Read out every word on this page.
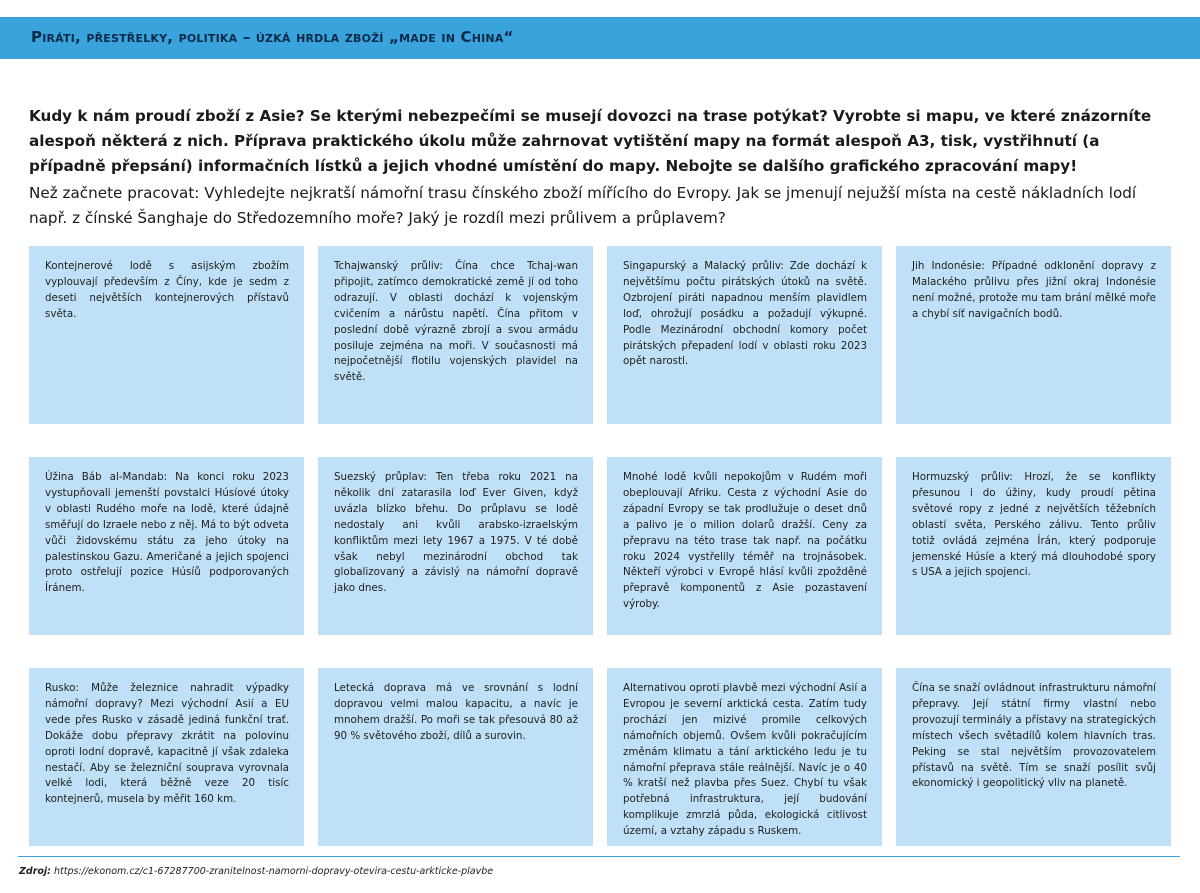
Piráti, přestřelky, politika – úzká hrdla zboží „made in China“

Kudy k nám proudí zboží z Asie? Se kterými nebezpečími se musejí dovozci na trase potýkat? Vyrobte si mapu, ve které znázorníte alespoň některá z nich. Příprava praktického úkolu může zahrnovat vytištění mapy na formát alespoň A3, tisk, vystřihnutí (a případně přepsání) informačních lístků a jejich vhodné umístění do mapy. Nebojte se dalšího grafického zpracování mapy!

Než začnete pracovat: Vyhledejte nejkratší námořní trasu čínského zboží mířícího do Evropy. Jak se jmenují nejužší místa na cestě nákladních lodí např. z čínské Šanghaje do Středozemního moře? Jaký je rozdíl mezi průlivem a průplavem?

Kontejnerové lodě s asijským zbožím vyplouvají především z Číny, kde je sedm z deseti největších kontejnerových přístavů světa.
Tchajwanský průliv: Čína chce Tchaj-wan připojit, zatímco demokratické země jí od toho odrazují. V oblasti dochází k vojenským cvičením a nárůstu napětí. Čína přitom v poslední době výrazně zbrojí a svou armádu posiluje zejména na moři. V současnosti má nejpočetnější flotilu vojenských plavidel na světě.
Singapurský a Malacký průliv: Zde dochází k největšímu počtu pirátských útoků na světě. Ozbrojení piráti napadnou menším plavidlem loď, ohrožují posádku a požadují výkupné. Podle Mezinárodní obchodní komory počet pirátských přepadení lodí v oblasti roku 2023 opět narostl.
Jih Indonésie: Případné odklonění dopravy z Malackého průlivu přes jižní okraj Indonésie není možné, protože mu tam brání mělké moře a chybí síť navigačních bodů.
Úžina Báb al-Mandab: Na konci roku 2023 vystupňovali jemenští povstalci Húsíové útoky v oblasti Rudého moře na lodě, které údajně směřují do Izraele nebo z něj. Má to být odveta vůči židovskému státu za jeho útoky na palestinskou Gazu. Američané a jejich spojenci proto ostřelují pozice Húsíů podporovaných Íránem.
Suezský průplav: Ten třeba roku 2021 na několik dní zatarasila loď Ever Given, když uvázla blízko břehu. Do průplavu se lodě nedostaly ani kvůli arabsko-izraelským konfliktům mezi lety 1967 a 1975. V té době však nebyl mezinárodní obchod tak globalizovaný a závislý na námořní dopravě jako dnes.
Mnohé lodě kvůli nepokojům v Rudém moři obeplouvají Afriku. Cesta z východní Asie do západní Evropy se tak prodlužuje o deset dnů a palivo je o milion dolarů dražší. Ceny za přepravu na této trase tak např. na počátku roku 2024 vystřelily téměř na trojnásobek. Někteří výrobci v Evropě hlásí kvůli zpožděné přepravě komponentů z Asie pozastavení výroby.
Hormuzský průliv: Hrozí, že se konflikty přesunou i do úžiny, kudy proudí pětina světové ropy z jedné z největších těžebních oblastí světa, Perského zálivu. Tento průliv totiž ovládá zejména Írán, který podporuje jemenské Húsíe a který má dlouhodobé spory s USA a jejich spojenci.
Rusko: Může železnice nahradit výpadky námořní dopravy? Mezi východní Asií a EU vede přes Rusko v zásadě jediná funkční trať. Dokáže dobu přepravy zkrátit na polovinu oproti lodní dopravě, kapacitně jí však zdaleka nestačí. Aby se železniční souprava vyrovnala velké lodi, která běžně veze 20 tisíc kontejnerů, musela by měřit 160 km.
Letecká doprava má ve srovnání s lodní dopravou velmi malou kapacitu, a navíc je mnohem dražší. Po moři se tak přesouvá 80 až 90 % světového zboží, dílů a surovin.
Alternativou oproti plavbě mezi východní Asií a Evropou je severní arktická cesta. Zatím tudy prochází jen mizivé promile celkových námořních objemů. Ovšem kvůli pokračujícím změnám klimatu a tání arktického ledu je tu námořní přeprava stále reálnější. Navíc je o 40 % kratší než plavba přes Suez. Chybí tu však potřebná infrastruktura, její budování komplikuje zmrzlá půda, ekologická citlivost území, a vztahy západu s Ruskem.
Čína se snaží ovládnout infrastrukturu námořní přepravy. Její státní firmy vlastní nebo provozují terminály a přístavy na strategických místech všech světadílů kolem hlavních tras. Peking se stal největším provozovatelem přístavů na světě. Tím se snaží posílit svůj ekonomický i geopolitický vliv na planetě.
Zdroj: https://ekonom.cz/c1-67287700-zranitelnost-namorni-dopravy-otevira-cestu-arkticke-plavbe
